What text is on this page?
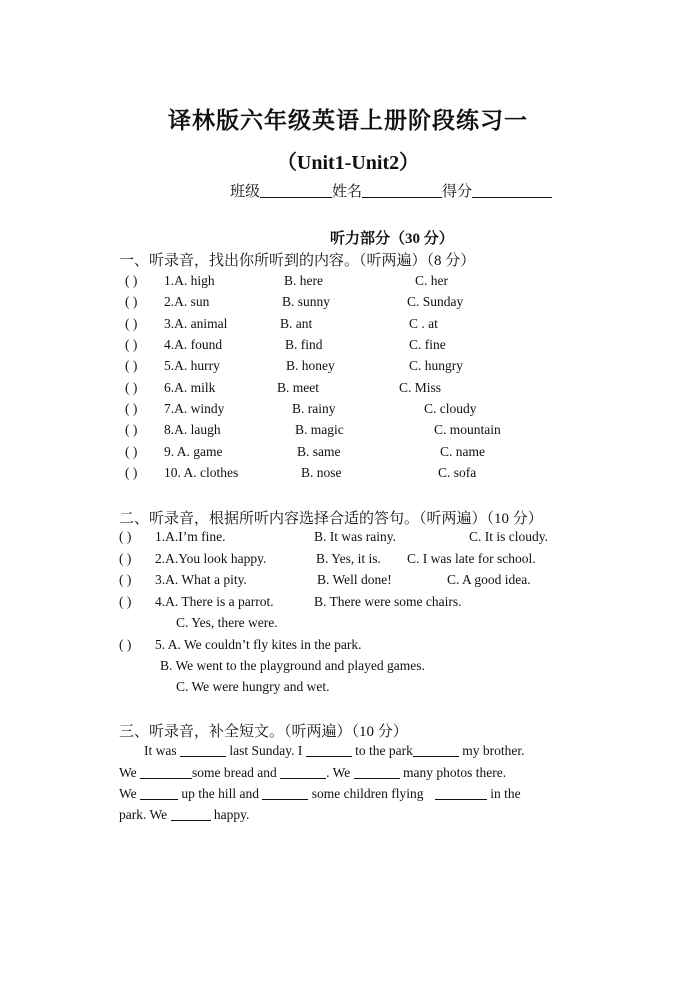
译林版六年级英语上册阶段练习一
（Unit1-Unit2）
班级	姓名	得分
听力部分（30 分）
一、听录音，找出你所听到的内容。（听两遍）（8 分）
( ) 1.A. high	B. here	C. her
( ) 2.A. sun	B. sunny	C. Sunday
( ) 3.A. animal	B. ant	C . at
( ) 4.A. found	B. find	C. fine
( ) 5.A. hurry	B. honey	C. hungry
( ) 6.A. milk	B. meet	C. Miss
( ) 7.A. windy	B. rainy	C. cloudy
( ) 8.A. laugh	B. magic	C. mountain
( ) 9. A. game	B. same	C. name
( ) 10. A. clothes	B. nose	C. sofa
二、听录音，根据所听内容选择合适的答句。（听两遍）（10 分）
( ) 1.A.I’m fine.	B. It was rainy.	C. It is cloudy.
( ) 2.A.You look happy.	B. Yes, it is. C. I was late for school.
( ) 3.A. What a pity.	B. Well done!	C. A good idea.
( ) 4.A. There is a parrot.	B. There were some chairs.
C. Yes, there were.
( ) 5. A. We couldn’t fly kites in the park.
B. We went to the playground and played games.
C. We were hungry and wet.
三、听录音，补全短文。（听两遍）（10 分）
It was	last Sunday. I	to the park	my brother.
We	some bread and	. We	many photos there.
We	up the hill and	some children flying	in the
park. We	happy.
